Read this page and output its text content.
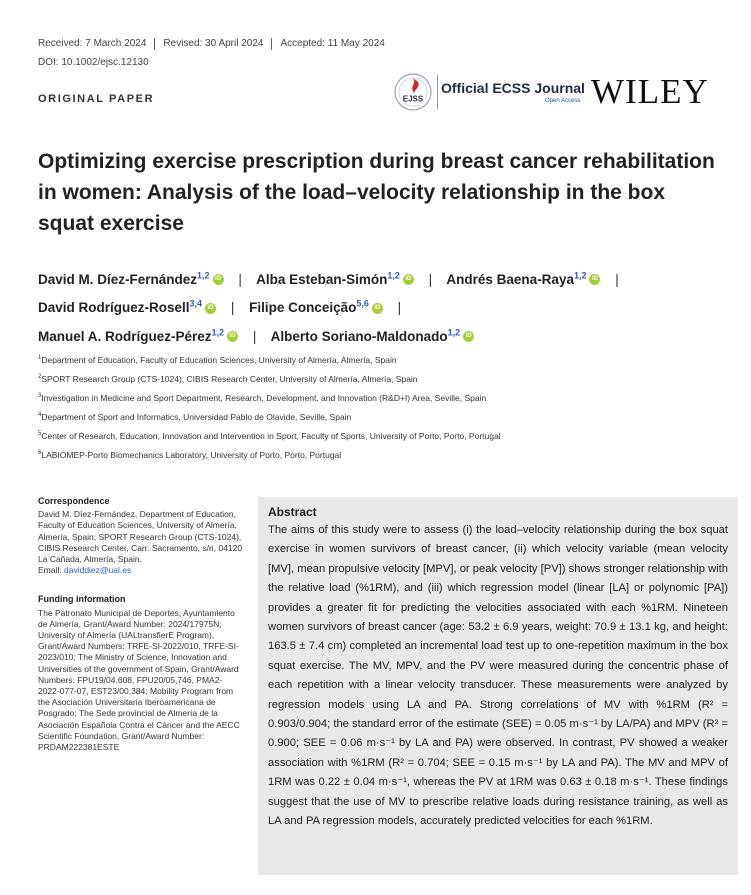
Received: 7 March 2024	Revised: 30 April 2024	Accepted: 11 May 2024
DOI: 10.1002/ejsc.12130
ORIGINAL PAPER	EJSS
Official ECSS Journal
Open Access WILEY
Optimizing exercise prescription during breast cancer rehabilitation in women: Analysis of the load–velocity relationship in the box squat exercise
David M. Díez-Fernández$^{1,2}$ iD | Alba Esteban-Simón$^{1,2}$ iD | Andrés Baena-Raya$^{1,2}$ iD |
David Rodríguez-Rosell$^{3,4}$ iD | Filipe Conceição$^{5,6}$ iD |
Manuel A. Rodríguez-Pérez$^{1,2}$ iD | Alberto Soriano-Maldonado$^{1,2}$ iD
$^1$Department of Education, Faculty of Education Sciences, University of Almería, Almería, Spain
$^2$SPORT Research Group (CTS-1024), CIBIS Research Center, University of Almería, Almería, Spain
$^3$Investigation in Medicine and Sport Department, Research, Development, and Innovation (R&D+I) Area, Seville, Spain
$^4$Department of Sport and Informatics, Universidad Pablo de Olavide, Seville, Spain
$^5$Center of Research, Education, Innovation and Intervention in Sport, Faculty of Sports, University of Porto, Porto, Portugal
$^6$LABIOMEP-Porto Biomechanics Laboratory, University of Porto, Porto, Portugal
Correspondence
David M. Díez-Fernández, Department of Education, Faculty of Education Sciences, University of Almería, Almería, Spain; SPORT Research Group (CTS-1024), CIBIS Research Center, Carr. Sacramento, s/n, 04120 La Cañada, Almería, Spain.
Email: daviddiez@ual.es
Funding information
The Patronato Municipal de Deportes, Ayuntamiento de Almería, Grant/Award Number: 2024/17975N; University of Almería (UALtransfierE Program), Grant/Award Numbers: TRFE-SI-2022/010, TRFE-SI-2023/010; The Ministry of Science, Innovation and Universities of the government of Spain, Grant/Award Numbers: FPU19/04.608, FPU20/05,746, PMA2-2022-077-07, EST23/00,384; Mobility Program from the Asociación Universitaria Iberoamericana de Posgrado; The Sede provincial de Almería de la Asociación Española Contra el Cáncer and the AECC Scientific Foundation, Grant/Award Number: PRDAM222381ESTE
Abstract

The aims of this study were to assess (i) the load–velocity relationship during the box squat exercise in women survivors of breast cancer, (ii) which velocity variable (mean velocity [MV], mean propulsive velocity [MPV], or peak velocity [PV]) shows stronger relationship with the relative load (%1RM), and (iii) which regression model (linear [LA] or polynomic [PA]) provides a greater fit for predicting the velocities associated with each %1RM. Nineteen women survivors of breast cancer (age: 53.2 ± 6.9 years, weight: 70.9 ± 13.1 kg, and height: 163.5 ± 7.4 cm) completed an incremental load test up to one-repetition maximum in the box squat exercise. The MV, MPV, and the PV were measured during the concentric phase of each repetition with a linear velocity transducer. These measurements were analyzed by regression models using LA and PA. Strong correlations of MV with %1RM (R² = 0.903/0.904; the standard error of the estimate (SEE) = 0.05 m·s⁻¹ by LA/PA) and MPV (R² = 0.900; SEE = 0.06 m·s⁻¹ by LA and PA) were observed. In contrast, PV showed a weaker association with %1RM (R² = 0.704; SEE = 0.15 m·s⁻¹ by LA and PA). The MV and MPV of 1RM was 0.22 ± 0.04 m·s⁻¹, whereas the PV at 1RM was 0.63 ± 0.18 m·s⁻¹. These findings suggest that the use of MV to prescribe relative loads during resistance training, as well as LA and PA regression models, accurately predicted velocities for each %1RM.
